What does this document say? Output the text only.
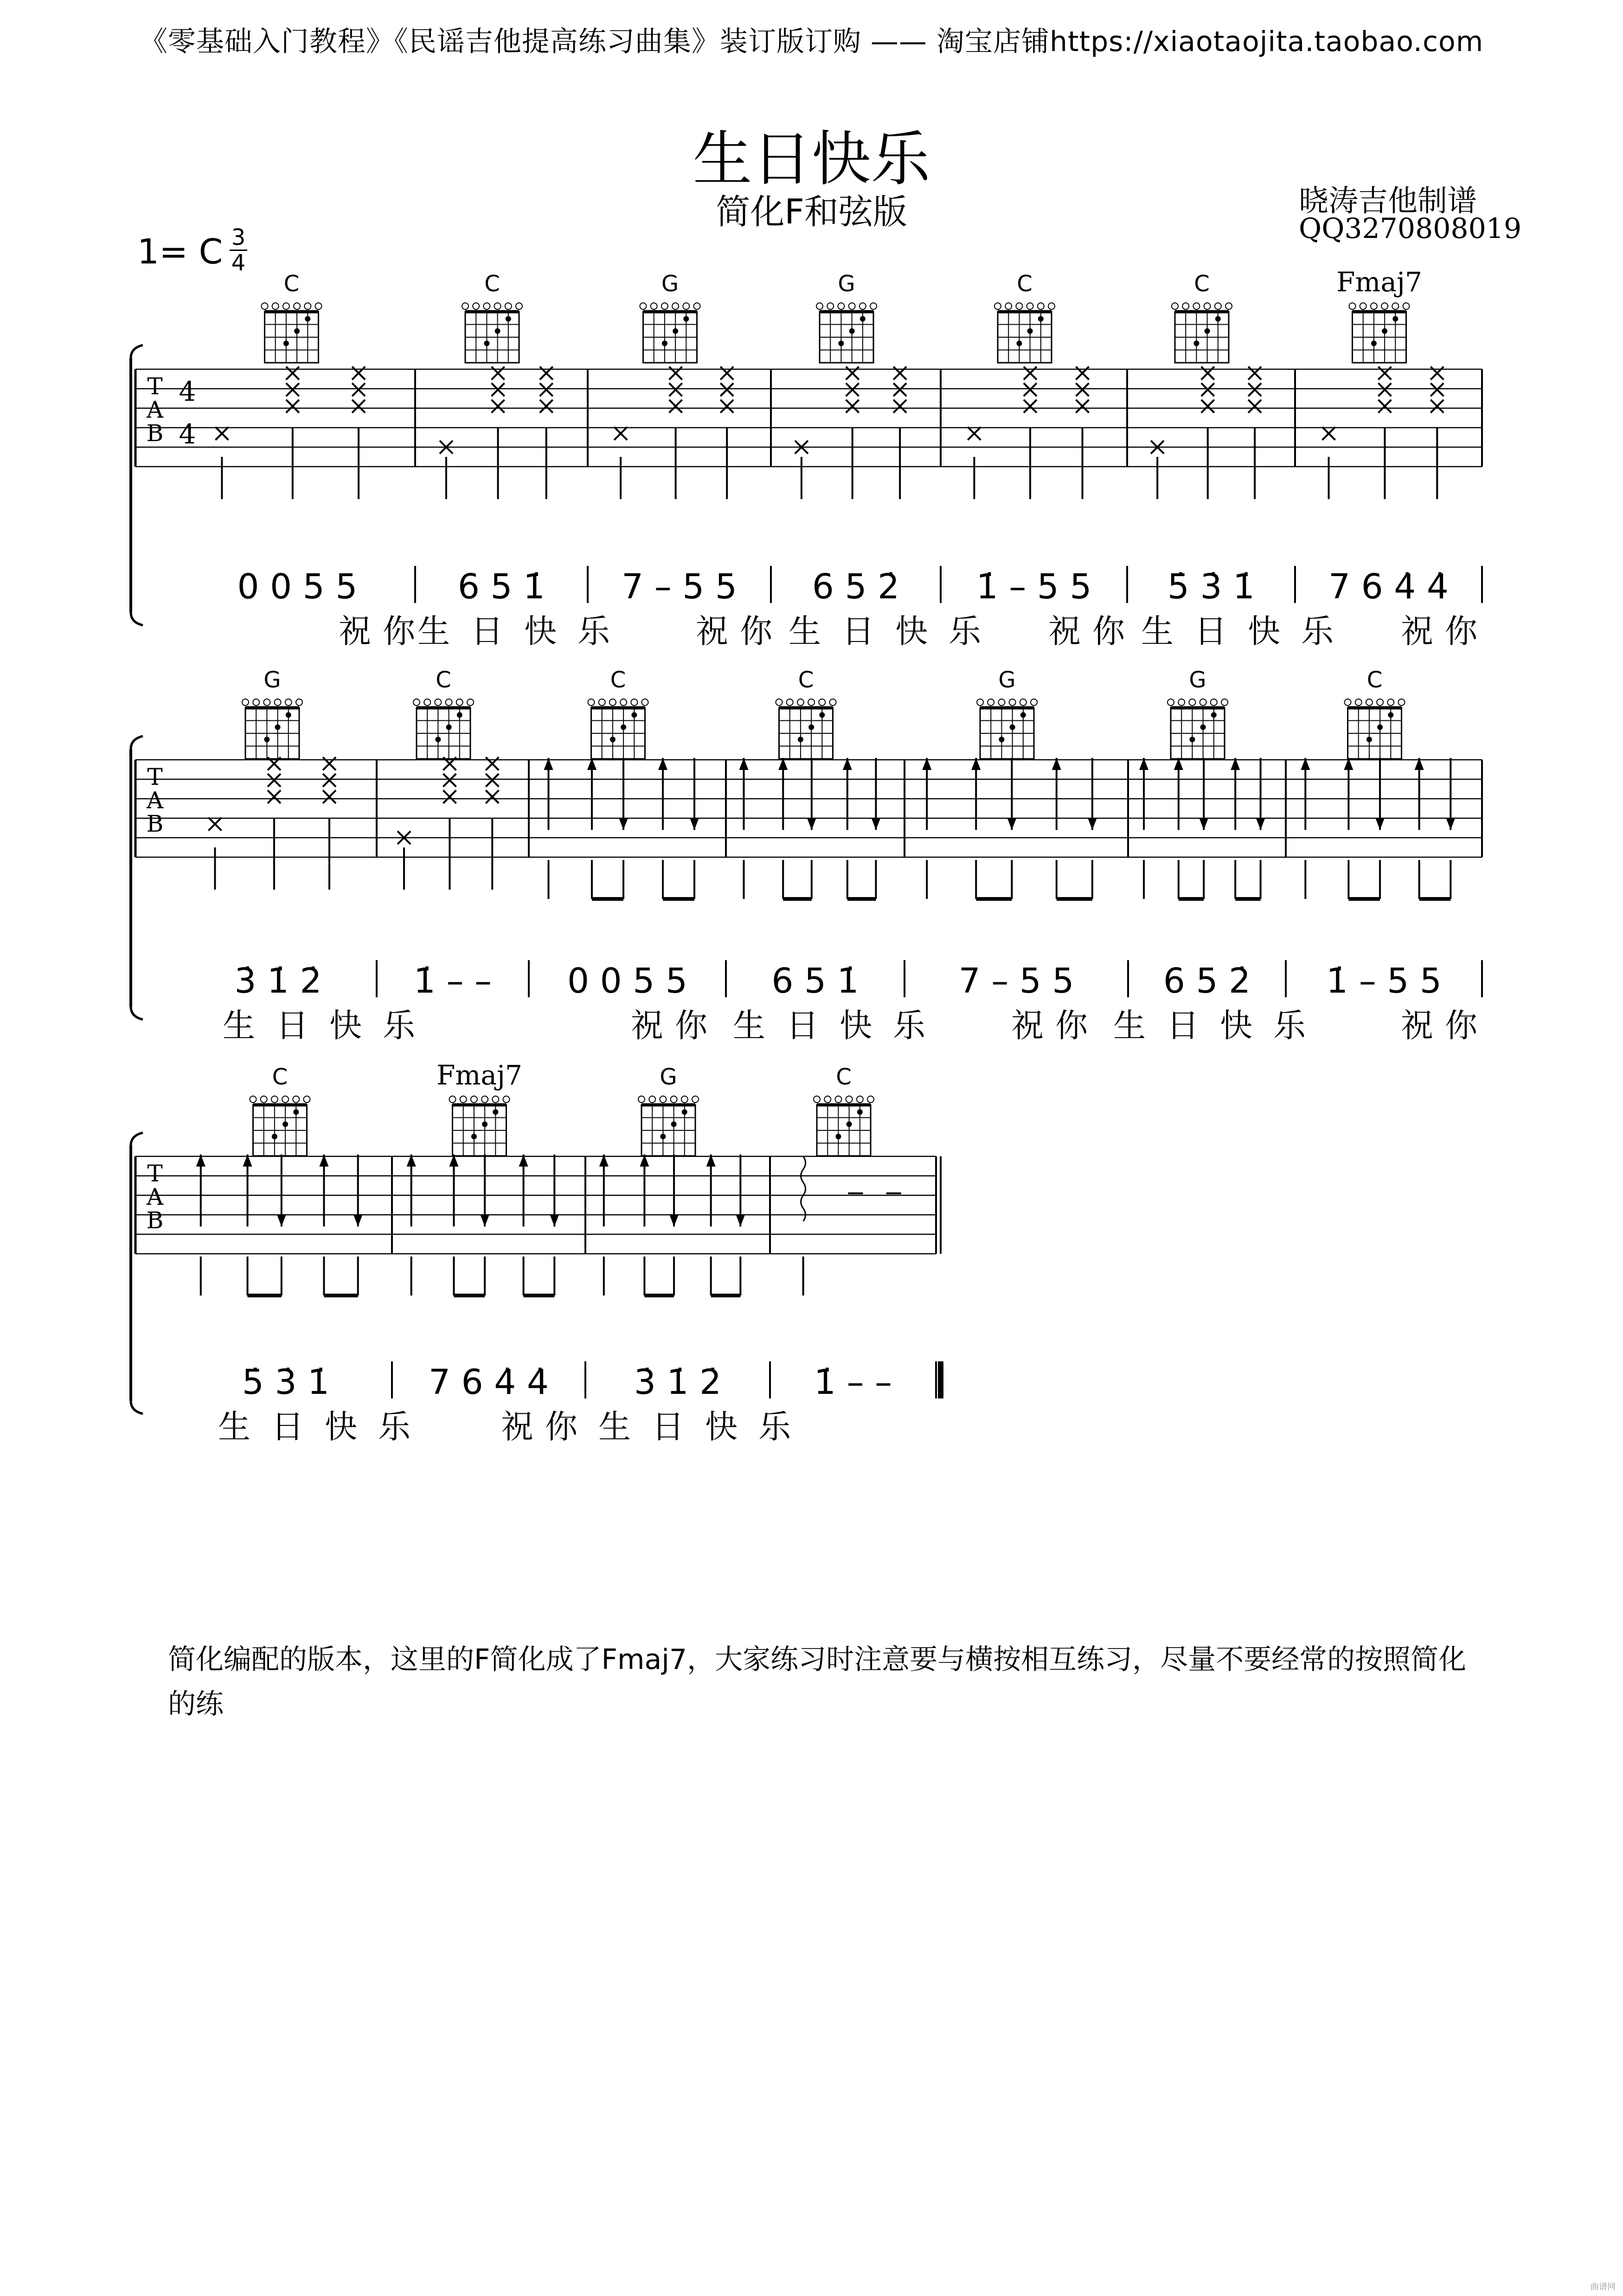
《零基础入门教程》《民谣吉他提高练习曲集》装订版订购 —— 淘宝店铺https://xiaotaojita.taobao.com
生日快乐
简化F和弦版	晓涛吉他制谱
QQ3270808019
1= C 3
4
T
A
B
4
4
C
0 0 5 5
C
6 5 1̇
G
7 – 5 5
G
6 5 2̇
C
1̇ – 5 5
C
5̇ 3̇ 1̇
Fmaj7
7 6 4̇ 4̇
祝 你 生 日 快 乐	祝 你 生 日 快 乐 祝 你 生 日 快 乐 祝 你
T
A
B
G
3̇ 1̇ 2̇
C
1̇ – –
C
0 0 5 5
C
6 5 1̇
G
7 – 5 5
G
6 5 2̇
C
1̇ – 5 5
生 日 快 乐	祝 你 生 日 快 乐	祝 你 生 日 快 乐	祝 你
T
A
B
C
5̇ 3̇ 1̇
Fmaj7
7 6 4̇ 4̇
G
3̇ 1̇ 2̇
C
1̇ – –
生 日 快 乐	祝 你 生 日 快 乐
简化编配的版本，这里的F简化成了Fmaj7，大家练习时注意要与横按相互练习，尽量不要经常的按照简化的练
曲谱网
